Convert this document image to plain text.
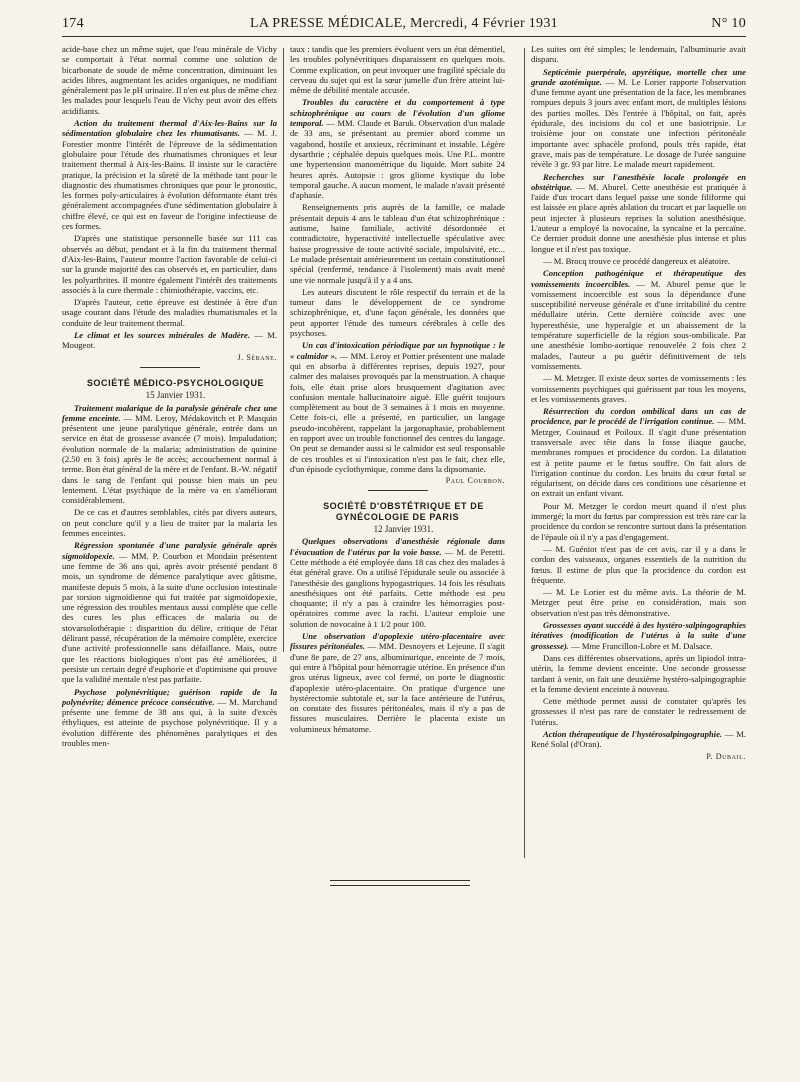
174	LA PRESSE MÉDICALE, Mercredi, 4 Février 1931	N° 10

acide-base chez un même sujet, que l'eau minérale de Vichy se comportait à l'état normal comme une solution de bicarbonate de soude de même concentration, diminuant les acides libres, augmentant les acides organiques, ne modifiant généralement pas le pH urinaire. Il n'en est plus de même chez les malades pour lesquels l'eau de Vichy peut avoir des effets acidifiants.

Action du traitement thermal d'Aix-les-Bains sur la sédimentation globulaire chez les rhumatisants. — M. J. Forestier montre l'intérêt de l'épreuve de la sédimentation globulaire pour l'étude des rhumatismes chroniques et leur traitement thermal à Aix-les-Bains. Il insiste sur le caractère pratique, la précision et la sûreté de la méthode tant pour le diagnostic des rhumatismes chroniques que pour le pronostic, les formes poly-articulaires à évolution déformante étant très généralement accompagnées d'une sédimentation globulaire à chiffre élevé, ce qui est en faveur de l'origine infectieuse de ces formes.

D'après une statistique personnelle basée sur 111 cas observés au début, pendant et à la fin du traitement thermal d'Aix-les-Bains, l'auteur montre l'action favorable de celui-ci sur la grande majorité des cas observés et, en particulier, dans les polyarthrites. Il montre également l'intérêt des traitements associés à la cure thermale : chimiothérapie, vaccins, etc.

D'après l'auteur, cette épreuve est destinée à être d'un usage courant dans l'étude des maladies rhumatismales et la conduite de leur traitement thermal.

Le climat et les sources minérales de Madère. — M. Mougeot.

J. Sébane.

SOCIÉTÉ MÉDICO-PSYCHOLOGIQUE

15 Janvier 1931.

Traitement malarique de la paralysie générale chez une femme enceinte. — MM. Leroy, Médakovitch et P. Masquin présentent une jeune paralytique générale, entrée dans un service en état de grossesse avancée (7 mois). Impaludation; évolution normale de la malaria; administration de quinine (2.50 en 3 fois) après le 8e accès; accouchement normal à terme. Bon état général de la mère et de l'enfant. B.-W. négatif dans le sang de l'enfant qui pousse bien mais un peu lentement. L'état psychique de la mère va en s'améliorant considérablement.

De ce cas et d'autres semblables, cités par divers auteurs, on peut conclure qu'il y a lieu de traiter par la malaria les femmes enceintes.

Régression spontanée d'une paralysie générale après sigmoïdopexie. — MM. P. Courbon et Mondain présentent une femme de 36 ans qui, après avoir présenté pendant 8 mois, un syndrome de démence paralytique avec gâtisme, manifeste depuis 5 mois, à la suite d'une occlusion intestinale par torsion sigmoïdienne qui fut traitée par sigmoïdopexie, une régression des troubles mentaux aussi complète que celle des cures les plus efficaces de malaria ou de stovarsolothérapie : disparition du délire, critique de l'état délirant passé, récupération de la mémoire complète, exercice d'une activité professionnelle sans défaillance. Mais, outre que les réactions biologiques n'ont pas été améliorées, il persiste un certain degré d'euphorie et d'optimisme qui prouve que la validité mentale n'est pas parfaite.

Psychose polynévritique; guérison rapide de la polynévrite; démence précoce consécutive. — M. Marchand présente une femme de 38 ans qui, à la suite d'excès éthyliques, est atteinte de psychose polynévritique. Il y a évolution différente des phénomènes paralytiques et des troubles men-

taux : tandis que les premiers évoluent vers un état démentiel, les troubles polynévritiques disparaissent en quelques mois. Comme explication, on peut invoquer une fragilité spéciale du cerveau du sujet qui est la sœur jumelle d'un frère atteint lui-même de débilité mentale accusée.

Troubles du caractère et du comportement à type schizophrénique au cours de l'évolution d'un gliome temporal. — MM. Claude et Baruk. Observation d'un malade de 33 ans, se présentant au premier abord comme un vagabond, hostile et anxieux, récriminant et instable. Légère dysarthrie ; céphalée depuis quelques mois. Une P.L. montre une hypertension manométrique du liquide. Mort subite 24 heures après. Autopsie : gros gliome kystique du lobe temporal gauche. A aucun moment, le malade n'avait présenté d'aphasie.

Renseignements pris auprès de la famille, ce malade présentait depuis 4 ans le tableau d'un état schizophrénique : autisme, haine familiale, activité désordonnée et contradictoire, hyperactivité intellectuelle spéculative avec baisse progressive de toute activité sociale, impulsivité, etc... Le malade présentait antérieurement un certain constitutionnel spécial (renfermé, tendance à l'isolement) mais avait mené une vie normale jusqu'à il y a 4 ans.

Les auteurs discutent le rôle respectif du terrain et de la tumeur dans le développement de ce syndrome schizophrénique, et, d'une façon générale, les données que peut apporter l'étude des tumeurs cérébrales à celle des psychoses.

Un cas d'intoxication périodique par un hypnotique : le « calmidor ». — MM. Leroy et Pottier présentent une malade qui en absorba à différentes reprises, depuis 1927, pour calmer des malaises provoqués par la menstruation. A chaque fois, elle était prise alors brusquement d'agitation avec confusion mentale hallucinatoire aiguë. Elle guérit toujours complètement au bout de 3 semaines à 1 mois en moyenne. Cette fois-ci, elle a présenté, en particulier, un langage pseudo-incohérent, rappelant la jargonaphasie, probablement en rapport avec un trouble fonctionnel des centres du langage. On peut se demander aussi si le calmidor est seul responsable de ces troubles et si l'intoxication n'est pas le fait, chez elle, d'un épisode cyclothymique, comme dans la dipsomanie.

Paul Courbon.

SOCIÉTÉ D'OBSTÉTRIQUE ET DE GYNÉCOLOGIE DE PARIS

12 Janvier 1931.

Quelques observations d'anesthésie régionale dans l'évacuation de l'utérus par la voie basse. — M. de Peretti. Cette méthode a été employée dans 18 cas chez des malades à état général grave. On a utilisé l'épidurale seule ou associée à l'anesthésie des ganglions hypogastriques. 14 fois les résultats anesthésiques ont été parfaits. Cette méthode est peu choquante; il n'y a pas à craindre les hémorragies post-opératoires comme avec la rachi. L'auteur emploie une solution de novocaïne à 1 1/2 pour 100.

Une observation d'apoplexie utéro-placentaire avec fissures péritonéales. — MM. Desnoyers et Lejeune. Il s'agit d'une 8e pare, de 27 ans, albuminurique, enceinte de 7 mois, qui entre à l'hôpital pour hémorragie utérine. En présence d'un gros utérus ligneux, avec col fermé, on porte le diagnostic d'apoplexie utéro-placentaire. On pratique d'urgence une hystérectomie subtotale et, sur la face antérieure de l'utérus, on constate des fissures péritonéales, mais il n'y a pas de fissures musculaires. Derrière le placenta existe un volumineux hématome.

Les suites ont été simples; le lendemain, l'albuminurie avait disparu.

Septicémie puerpérale, apyrétique, mortelle chez une grande azotémique. — M. Le Lorier rapporte l'observation d'une femme ayant une présentation de la face, les membranes rompues depuis 3 jours avec enfant mort, de multiples lésions des parties molles. Dès l'entrée à l'hôpital, on fait, après épidurale, des incisions du col et une basiotripsie. Le troisième jour on constate une infection péritonéale importante avec sphacèle profond, pouls très rapide, état grave, mais pas de température. Le dosage de l'urée sanguine révèle 3 gr. 93 par litre. Le malade meurt rapidement.

Recherches sur l'anesthésie locale prolongée en obstétrique. — M. Aburel. Cette anesthésie est pratiquée à l'aide d'un trocart dans lequel passe une sonde filiforme qui est laissée en place après ablation du trocart et par laquelle on peut injecter à plusieurs reprises la solution anesthésique. L'auteur a employé la novocaïne, la syncaïne et la percaïne. Ce dernier produit donne une anesthésie plus intense et plus longue et il n'est pas toxique.

— M. Brocq trouve ce procédé dangereux et aléatoire.

Conception pathogénique et thérapeutique des vomissements incoercibles. — M. Aburel pense que le vomissement incoercible est sous la dépendance d'une susceptibilité nerveuse générale et d'une irritabilité du centre médullaire utérin. Cette dernière coïncide avec une hyperesthésie, une hyperalgie et un abaissement de la température superficielle de la région sous-ombilicale. Par une anesthésie lombo-aortique renouvelée 2 fois chez 2 malades, l'auteur a pu guérir définitivement de tels vomissements.

— M. Metzger. Il existe deux sortes de vomissements : les vomissements psychiques qui guérissent par tous les moyens, et les vomissements graves.

Résurrection du cordon ombilical dans un cas de procidence, par le procédé de l'irrigation continue. — MM. Metzger, Couinaud et Poiloux. Il s'agit d'une présentation transversale avec tête dans la fosse iliaque gauche, membranes rompues et procidence du cordon. La dilatation est à petite paume et le fœtus souffre. On fait alors de l'irrigation continue du cordon. Les bruits du cœur fœtal se régularisent, on décide dans ces conditions une césarienne et on extrait un enfant vivant.

Pour M. Metzger le cordon meurt quand il n'est plus immergé; la mort du fœtus par compression est très rare car la procidence du cordon se rencontre surtout dans la présentation de l'épaule où il n'y a pas d'engagement.

— M. Guéniot n'est pas de cet avis, car il y a dans le cordon des vaisseaux, organes essentiels de la nutrition du fœtus. Il estime de plus que la procidence du cordon est fréquente.

— M. Le Lorier est du même avis. La théorie de M. Metzger peut être prise en considération, mais son observation n'est pas très démonstrative.

Grossesses ayant succédé à des hystéro-salpingographies itératives (modification de l'utérus à la suite d'une grossesse). — Mme Francillon-Lobre et M. Dalsace.

Dans ces différentes observations, après un lipiodol intra-utérin, la femme devient enceinte. Une seconde grossesse tardant à venir, on fait une deuxième hystéro-salpingographie et la femme devient enceinte à nouveau.

Cette méthode permet aussi de constater qu'après les grossesses il n'est pas rare de constater le redressement de l'utérus.

Action thérapeutique de l'hystérosalpingographie. — M. René Solal (d'Oran).

P. Dubail.
